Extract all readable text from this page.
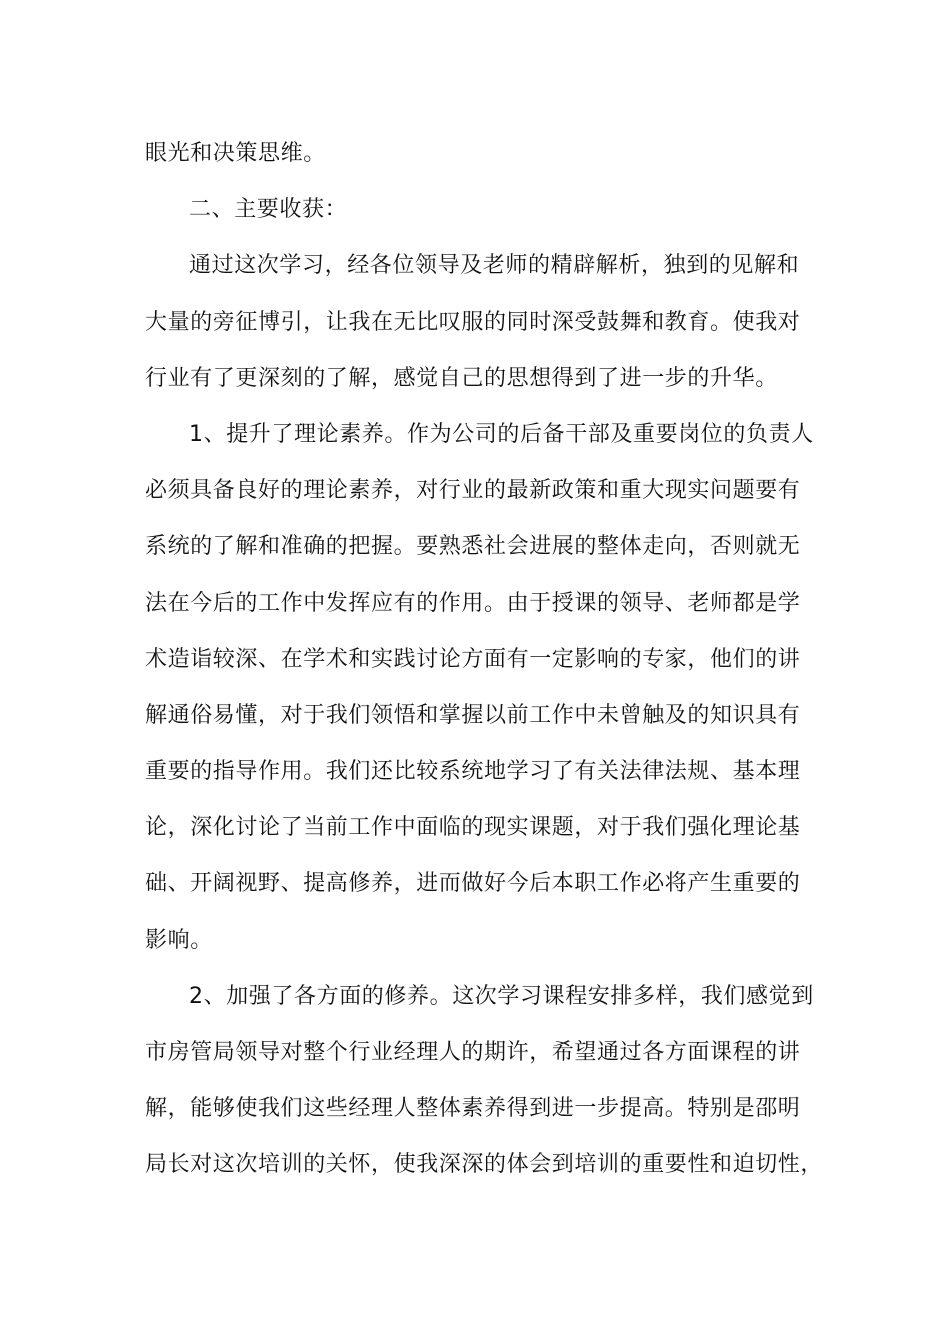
眼光和决策思维。
二、主要收获：
通过这次学习，经各位领导及老师的精辟解析，独到的见解和
大量的旁征博引，让我在无比叹服的同时深受鼓舞和教育。使我对
行业有了更深刻的了解，感觉自己的思想得到了进一步的升华。
1、提升了理论素养。作为公司的后备干部及重要岗位的负责人
必须具备良好的理论素养，对行业的最新政策和重大现实问题要有
系统的了解和准确的把握。要熟悉社会进展的整体走向，否则就无
法在今后的工作中发挥应有的作用。由于授课的领导、老师都是学
术造诣较深、在学术和实践讨论方面有一定影响的专家，他们的讲
解通俗易懂，对于我们领悟和掌握以前工作中未曾触及的知识具有
重要的指导作用。我们还比较系统地学习了有关法律法规、基本理
论，深化讨论了当前工作中面临的现实课题，对于我们强化理论基
础、开阔视野、提高修养，进而做好今后本职工作必将产生重要的
影响。
2、加强了各方面的修养。这次学习课程安排多样，我们感觉到
市房管局领导对整个行业经理人的期许，希望通过各方面课程的讲
解，能够使我们这些经理人整体素养得到进一步提高。特别是邵明
局长对这次培训的关怀，使我深深的体会到培训的重要性和迫切性，
